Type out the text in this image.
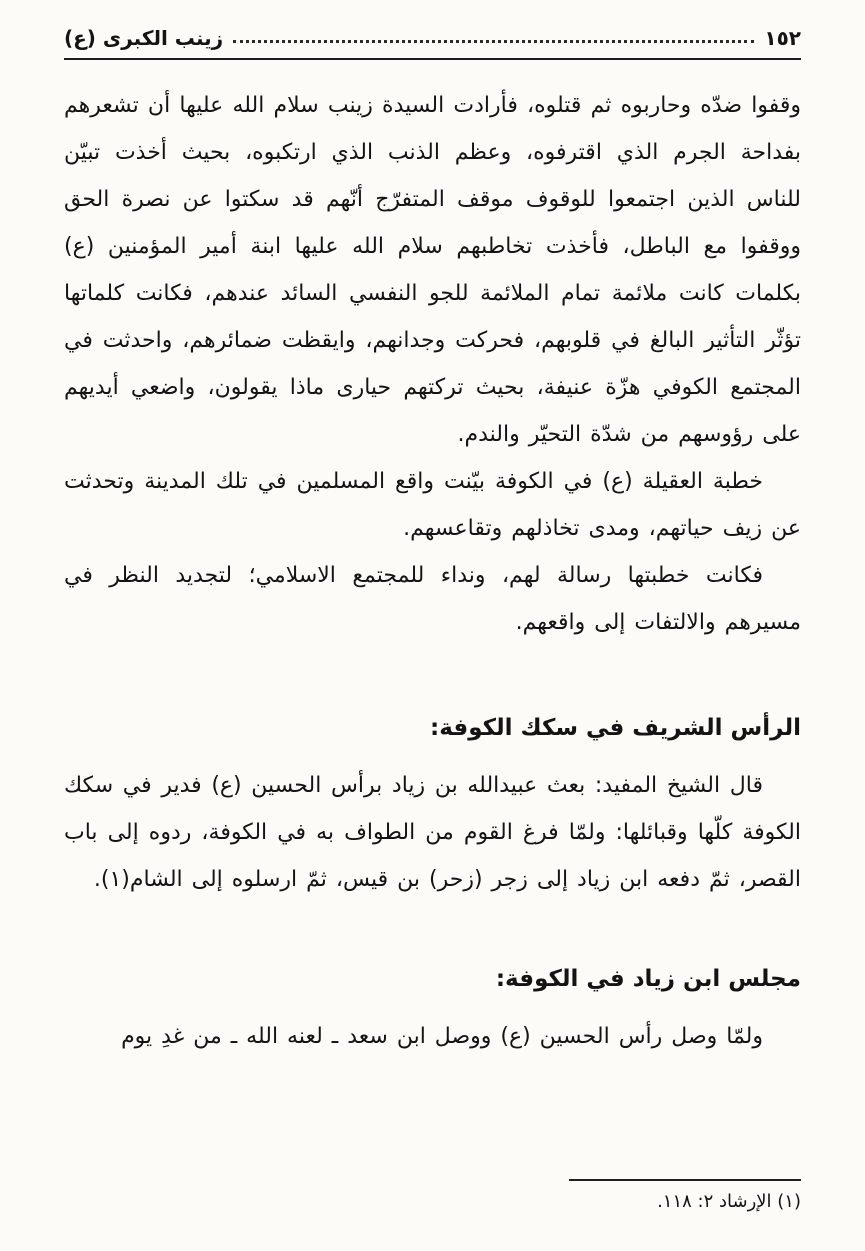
١٥٢
زينب الكبرى (ع)

وقفوا ضدّه وحاربوه ثم قتلوه، فأرادت السيدة زينب سلام الله عليها أن تشعرهم بفداحة الجرم الذي اقترفوه، وعظم الذنب الذي ارتكبوه، بحيث أخذت تبيّن للناس الذين اجتمعوا للوقوف موقف المتفرّج أنّهم قد سكتوا عن نصرة الحق ووقفوا مع الباطل، فأخذت تخاطبهم سلام الله عليها ابنة أمير المؤمنين (ع) بكلمات كانت ملائمة تمام الملائمة للجو النفسي السائد عندهم، فكانت كلماتها تؤثّر التأثير البالغ في قلوبهم، فحركت وجدانهم، وايقظت ضمائرهم، واحدثت في المجتمع الكوفي هزّة عنيفة، بحيث تركتهم حيارى ماذا يقولون، واضعي أيديهم على رؤوسهم من شدّة التحيّر والندم.

خطبة العقيلة (ع) في الكوفة بيّنت واقع المسلمين في تلك المدينة وتحدثت عن زيف حياتهم، ومدى تخاذلهم وتقاعسهم.

فكانت خطبتها رسالة لهم، ونداء للمجتمع الاسلامي؛ لتجديد النظر في مسيرهم والالتفات إلى واقعهم.

الرأس الشريف في سكك الكوفة:

قال الشيخ المفيد: بعث عبيدالله بن زياد برأس الحسين (ع) فدير في سكك الكوفة كلّها وقبائلها: ولمّا فرغ القوم من الطواف به في الكوفة، ردوه إلى باب القصر، ثمّ دفعه ابن زياد إلى زجر (زحر) بن قيس، ثمّ ارسلوه إلى الشام(١).

مجلس ابن زياد في الكوفة:

ولمّا وصل رأس الحسين (ع) ووصل ابن سعد ـ لعنه الله ـ من غدِ يوم

(١) الإرشاد ٢: ١١٨.
